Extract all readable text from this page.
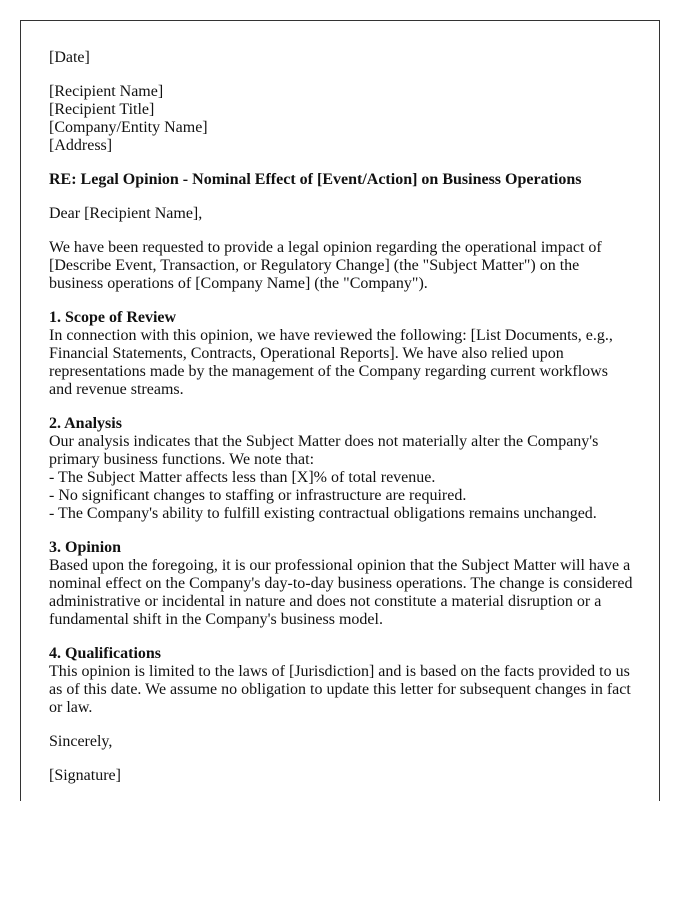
[Date]

[Recipient Name]
[Recipient Title]
[Company/Entity Name]
[Address]

RE: Legal Opinion - Nominal Effect of [Event/Action] on Business Operations

Dear [Recipient Name],

We have been requested to provide a legal opinion regarding the operational impact of
[Describe Event, Transaction, or Regulatory Change] (the "Subject Matter") on the
business operations of [Company Name] (the "Company").

1. Scope of Review
In connection with this opinion, we have reviewed the following: [List Documents, e.g.,
Financial Statements, Contracts, Operational Reports]. We have also relied upon
representations made by the management of the Company regarding current workflows
and revenue streams.
2. Analysis
Our analysis indicates that the Subject Matter does not materially alter the Company's
primary business functions. We note that:
- The Subject Matter affects less than [X]% of total revenue.
- No significant changes to staffing or infrastructure are required.
- The Company's ability to fulfill existing contractual obligations remains unchanged.
3. Opinion
Based upon the foregoing, it is our professional opinion that the Subject Matter will have a
nominal effect on the Company's day-to-day business operations. The change is considered
administrative or incidental in nature and does not constitute a material disruption or a
fundamental shift in the Company's business model.
4. Qualifications
This opinion is limited to the laws of [Jurisdiction] and is based on the facts provided to us
as of this date. We assume no obligation to update this letter for subsequent changes in fact
or law.

Sincerely,

[Signature]
